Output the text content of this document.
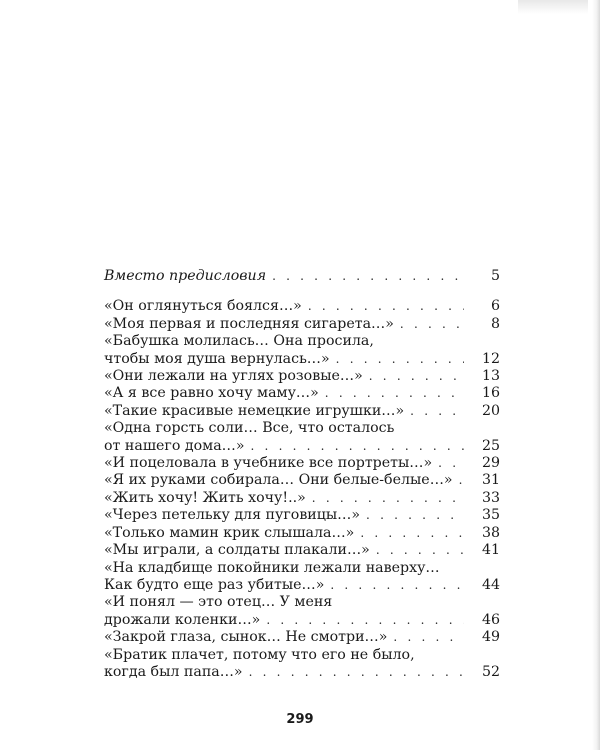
Вместо предисловия . . .	5
«Он оглянуться боялся…» . . .	6
«Моя первая и последняя сигарета…» . . .	8
«Бабушка молилась… Она просила,
чтобы моя душа вернулась…» . . .	12
«Они лежали на углях розовые…» . . .	13
«А я все равно хочу маму…» . . .	16
«Такие красивые немецкие игрушки…» . . .	20
«Одна горсть соли… Все, что осталось
от нашего дома…» . . .	25
«И поцеловала в учебнике все портреты…» . . .	29
«Я их руками собирала… Они белые-белые…» . . .	31
«Жить хочу! Жить хочу!..» . . .	33
«Через петельку для пуговицы…» . . .	35
«Только мамин крик слышала…» . . .	38
«Мы играли, а солдаты плакали…» . . .	41
«На кладбище покойники лежали наверху…
Как будто еще раз убитые…» . . .	44
«И понял — это отец… У меня
дрожали коленки…» . . .	46
«Закрой глаза, сынок… Не смотри…» . . .	49
«Братик плачет, потому что его не было,
когда был папа…» . . .	52
299
